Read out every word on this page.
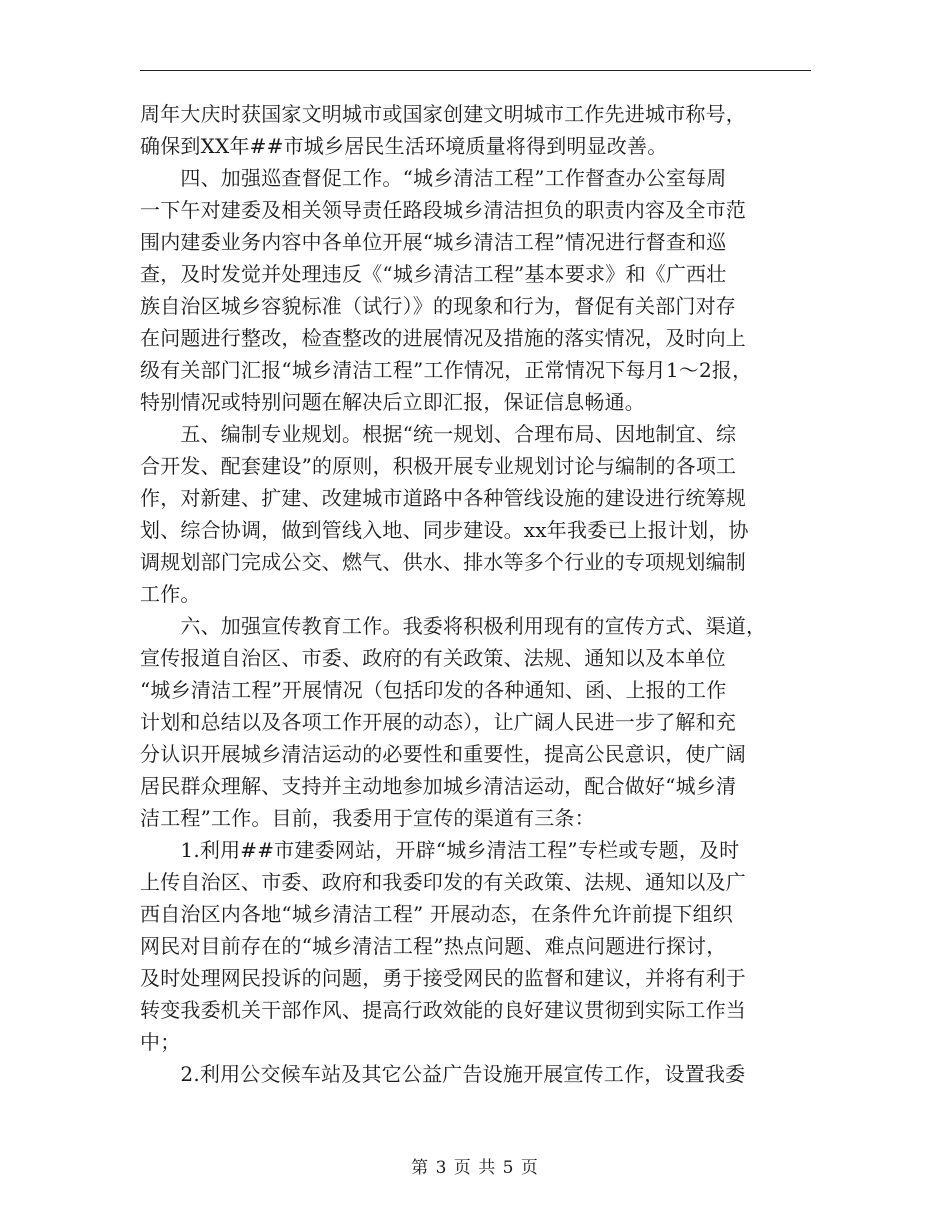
周年大庆时获国家文明城市或国家创建文明城市工作先进城市称号，
确保到XX年##市城乡居民生活环境质量将得到明显改善。
　　四、加强巡查督促工作。“城乡清洁工程”工作督查办公室每周
一下午对建委及相关领导责任路段城乡清洁担负的职责内容及全市范
围内建委业务内容中各单位开展“城乡清洁工程”情况进行督查和巡
查，及时发觉并处理违反《“城乡清洁工程”基本要求》和《广西壮
族自治区城乡容貌标准（试行）》的现象和行为，督促有关部门对存
在问题进行整改，检查整改的进展情况及措施的落实情况，及时向上
级有关部门汇报“城乡清洁工程”工作情况，正常情况下每月1～2报，
特别情况或特别问题在解决后立即汇报，保证信息畅通。
　　五、编制专业规划。根据“统一规划、合理布局、因地制宜、综
合开发、配套建设”的原则，积极开展专业规划讨论与编制的各项工
作，对新建、扩建、改建城市道路中各种管线设施的建设进行统筹规
划、综合协调，做到管线入地、同步建设。xx年我委已上报计划，协
调规划部门完成公交、燃气、供水、排水等多个行业的专项规划编制
工作。
　　六、加强宣传教育工作。我委将积极利用现有的宣传方式、渠道，
宣传报道自治区、市委、政府的有关政策、法规、通知以及本单位
“城乡清洁工程”开展情况（包括印发的各种通知、函、上报的工作
计划和总结以及各项工作开展的动态），让广阔人民进一步了解和充
分认识开展城乡清洁运动的必要性和重要性，提高公民意识，使广阔
居民群众理解、支持并主动地参加城乡清洁运动，配合做好“城乡清
洁工程”工作。目前，我委用于宣传的渠道有三条：
　　1.利用##市建委网站，开辟“城乡清洁工程”专栏或专题，及时
上传自治区、市委、政府和我委印发的有关政策、法规、通知以及广
西自治区内各地“城乡清洁工程” 开展动态，在条件允许前提下组织
网民对目前存在的“城乡清洁工程”热点问题、难点问题进行探讨，
及时处理网民投诉的问题，勇于接受网民的监督和建议，并将有利于
转变我委机关干部作风、提高行政效能的良好建议贯彻到实际工作当
中；
　　2.利用公交候车站及其它公益广告设施开展宣传工作，设置我委
第 3 页 共 5 页
